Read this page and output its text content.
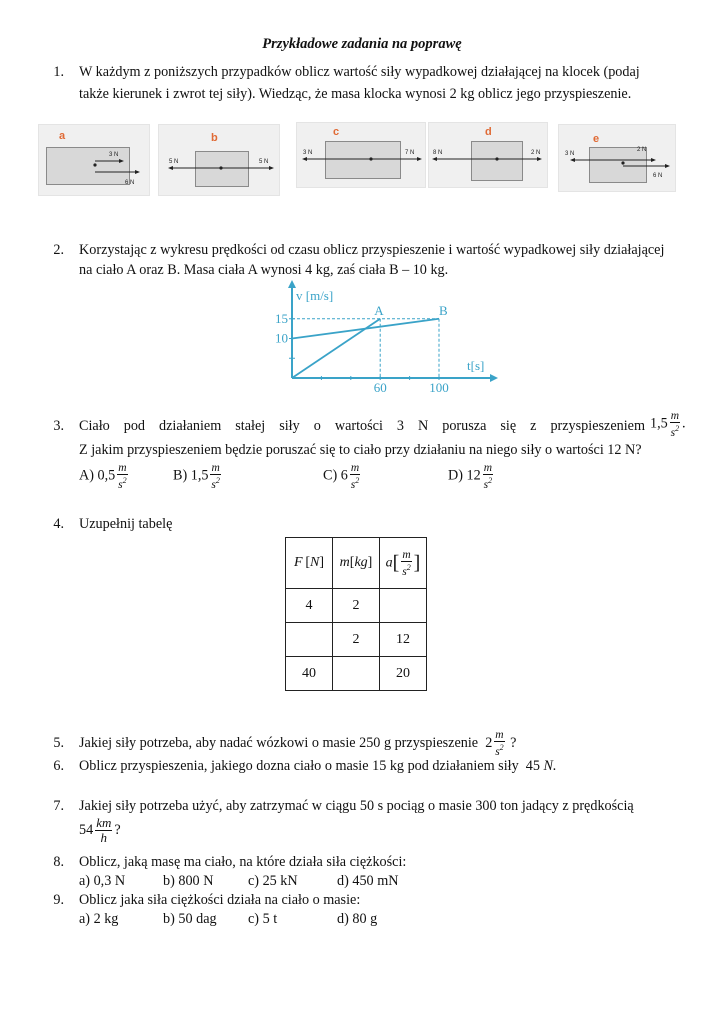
Przykładowe zadania na poprawę
1. W każdym z poniższych przypadków oblicz wartość siły wypadkowej działającej na klocek (podaj
także kierunek i zwrot tej siły). Wiedząc, że masa klocka wynosi 2 kg oblicz jego przyspieszenie.
a
3 N
6 N
b
5 N	5 N
c
3 N	7 N
d
8 N	2 N
e
3 N
2 N
6 N
2. Korzystając z wykresu prędkości od czasu oblicz przyspieszenie i wartość wypadkowej siły działającej
na ciało A oraz B. Masa ciała A wynosi 4 kg, zaś ciała B – 10 kg.
A	B
60	100
10
15
t[s]
v [m/s]
3. Ciało pod działaniem stałej siły o wartości 3 N porusza się z przyspieszeniem $1,5 \frac{m}{s^2}$ .
Z jakim przyspieszeniem będzie poruszać się to ciało przy działaniu na niego siły o wartości 12 N?
A) $0,5 \frac{m}{s^2}$	B) $1,5 \frac{m}{s^2}$	C) $6 \frac{m}{s^2}$	D) $12 \frac{m}{s^2}$
4. Uzupełnij tabelę
F [N]	m[kg]	$a[ \frac{m}{s^2}$ ]
4	2	
	2	12
40		20
5. Jakiej siły potrzeba, aby nadać wózkowi o masie 250 g przyspieszenie $2 \frac{m}{s^2}$ ?
6. Oblicz przyspieszenia, jakiego dozna ciało o masie 15 kg pod działaniem siły 45 N.
7. Jakiej siły potrzeba użyć, aby zatrzymać w ciągu 50 s pociąg o masie 300 ton jadący z prędkością
$54 \frac{km}{h}$ ?
8. Oblicz, jaką masę ma ciało, na które działa siła ciężkości:
a) 0,3 N	b) 800 N c) 25 kN	d) 450 mN
9. Oblicz jaka siła ciężkości działa na ciało o masie:
a) 2 kg	b) 50 dag c) 5 t	d) 80 g
